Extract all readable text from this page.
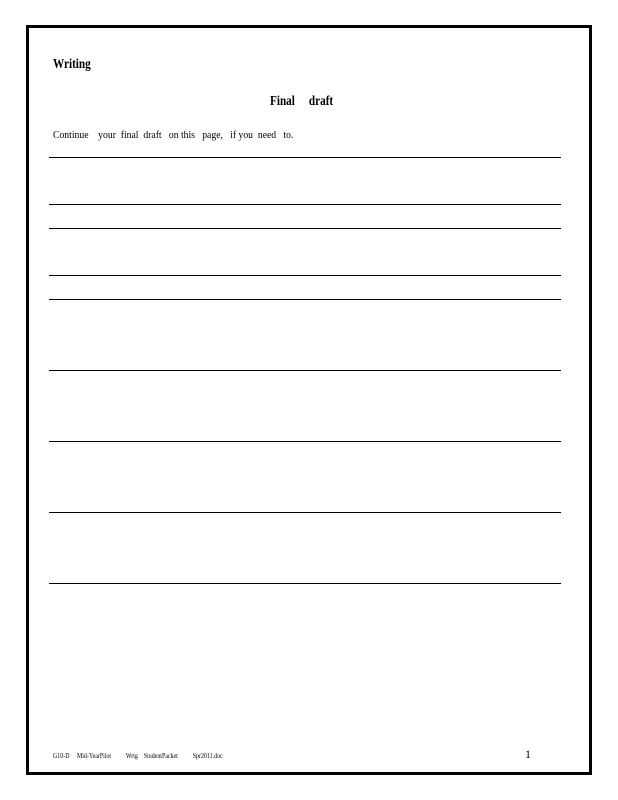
Writing
Final     draft
Continue    your  final  draft   on this   page,   if you  need   to.
G10-D     Mid-YearPilot          Wrtg    StudentPacket          Spr2011.doc	1
